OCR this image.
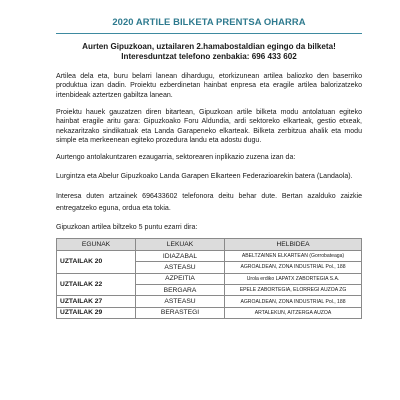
2020 ARTILE BILKETA PRENTSA OHARRA
Aurten Gipuzkoan, uztailaren 2.hamabostaldian egingo da bilketa!
Interesduntzat telefono zenbakia: 696 433 602

Artilea dela eta, buru belarri lanean dihardugu, etorkizunean artilea baliozko den baserriko produktua izan dadin. Proiektu ezberdinetan hainbat enpresa eta eragile artilea balorizatzeko irtenbideak aztertzen gabiltza lanean.

Proiektu hauek gauzatzen diren bitartean, Gipuzkoan artile bilketa modu antolatuan egiteko hainbat eragile aritu gara: Gipuzkoako Foru Aldundia, ardi sektoreko elkarteak, gestio etxeak, nekazaritzako sindikatuak eta Landa Garapeneko elkarteak. Bilketa zerbitzua ahalik eta modu simple eta merkeenean egiteko prozedura landu eta adostu dugu.

Aurtengo antolakuntzaren ezaugarria, sektorearen inplikazio zuzena izan da:

Lurgintza eta Abelur Gipuzkoako Landa Garapen Elkarteen Federazioarekin batera (Landaola).

Interesa duten artzainek 696433602 telefonora deitu behar dute. Bertan azalduko zaizkie entregatzeko eguna, ordua eta tokia.

Gipuzkoan artilea biltzeko 5 puntu ezarri dira:

EGUNAK	LEKUAK	HELBIDEA
UZTAILAK 20	IDIAZABAL	ABELTZAINEN ELKARTEAN (Gorrobateaga)
	ASTEASU	AGROALDEAN, ZONA INDUSTRIAL Pol., 188
UZTAILAK 22	AZPEITIA	Urola erdiko LAPATX ZABORTEGIA S.A.
	BERGARA	EPELE ZABORTEGIA, ELORREGI AUZOA ZG
UZTAILAK 27	ASTEASU	AGROALDEAN, ZONA INDUSTRIAL Pol., 188
UZTAILAK 29	BERASTEGI	ARTALEKUN, AITZERGA AUZOA
